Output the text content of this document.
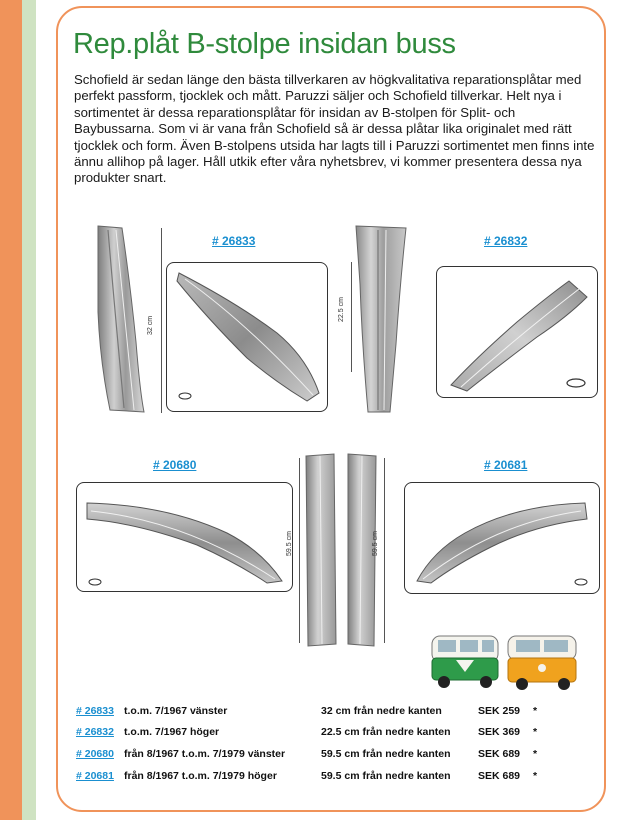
Rep.plåt B-stolpe insidan buss

Schofield är sedan länge den bästa tillverkaren av högkvalitativa reparationsplåtar med perfekt passform, tjocklek och mått. Paruzzi säljer och Schofield tillverkar. Helt nya i sortimentet är dessa reparationsplåtar för insidan av B-stolpen för Split- och Baybussarna. Som vi är vana från Schofield så är dessa plåtar lika originalet med rätt tjocklek och form. Även B-stolpens utsida har lagts till i Paruzzi sortimentet men finns inte ännu allihop på lager. Håll utkik efter våra nyhetsbrev, vi kommer presentera dessa nya produkter snart.

32 cm
# 26833
22.5 cm
# 26832
# 20680
59.5 cm	59.5 cm
# 20681
# 26833 t.o.m. 7/1967 vänster	32 cm från nedre kanten	SEK 259 *
# 26832 t.o.m. 7/1967 höger	22.5 cm från nedre kanten	SEK 369 *
# 20680 från 8/1967 t.o.m. 7/1979 vänster	59.5 cm från nedre kanten	SEK 689 *
# 20681 från 8/1967 t.o.m. 7/1979 höger	59.5 cm från nedre kanten	SEK 689 *
